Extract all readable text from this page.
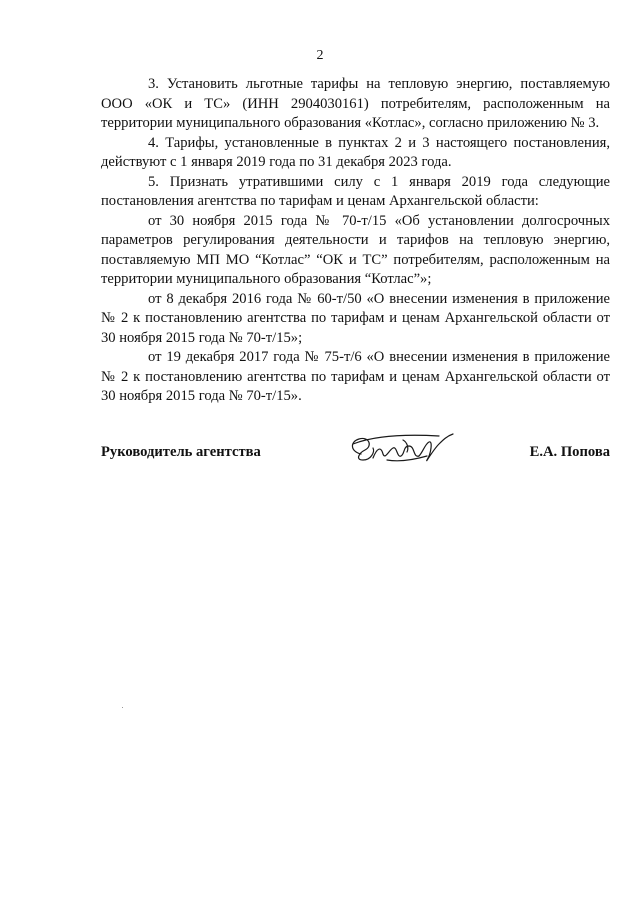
2

3. Установить льготные тарифы на тепловую энергию, поставляемую ООО «ОК и ТС» (ИНН 2904030161) потребителям, расположенным на территории муниципального образования «Котлас», согласно приложению № 3.

4. Тарифы, установленные в пунктах 2 и 3 настоящего постановления, действуют с 1 января 2019 года по 31 декабря 2023 года.

5. Признать утратившими силу с 1 января 2019 года следующие постановления агентства по тарифам и ценам Архангельской области:

от 30 ноября 2015 года № 70-т/15 «Об установлении долгосрочных параметров регулирования деятельности и тарифов на тепловую энергию, поставляемую МП МО “Котлас” “ОК и ТС” потребителям, расположенным на территории муниципального образования “Котлас”»;

от 8 декабря 2016 года № 60-т/50 «О внесении изменения в приложение № 2 к постановлению агентства по тарифам и ценам Архангельской области от 30 ноября 2015 года № 70-т/15»;

от 19 декабря 2017 года № 75-т/6 «О внесении изменения в приложение № 2 к постановлению агентства по тарифам и ценам Архангельской области от 30 ноября 2015 года № 70-т/15».

Руководитель агентства	Е.А. Попова
